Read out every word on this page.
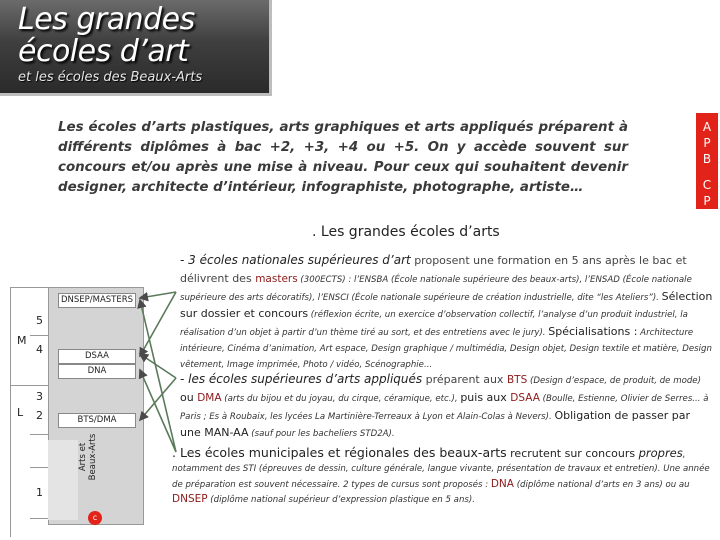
Les grandes
écoles d’art
et les écoles des Beaux-Arts
Les écoles d’arts plastiques, arts graphiques et arts appliqués préparent à différents diplômes à bac +2, +3, +4 ou +5. On y accède souvent sur concours et/ou après une mise à niveau. Pour ceux qui souhaitent devenir designer, architecte d’intérieur, infographiste, photographe, artiste…
A
P
B
C
P
. Les grandes écoles d’arts
M
L
5
4
3
2
1
DNSEP/MASTERS
DSAA
DNA
BTS/DMA
Arts et
Beaux-Arts
c
- 3 écoles nationales supérieures d’art proposent une formation en 5 ans après le bac et délivrent des masters (300ECTS) : l’ENSBA (École nationale supérieure des beaux-arts), l’ENSAD (École nationale supérieure des arts décoratifs), l’ENSCI (École nationale supérieure de création industrielle, dite “les Ateliers”). Sélection sur dossier et concours (réflexion écrite, un exercice d’observation collectif, l’analyse d’un produit industriel, la réalisation d’un objet à partir d’un thème tiré au sort, et des entretiens avec le jury). Spécialisations : Architecture intérieure, Cinéma d’animation, Art espace, Design graphique / multimédia, Design objet, Design textile et matière, Design vêtement, Image imprimée, Photo / vidéo, Scénographie...
- les écoles supérieures d’arts appliqués préparent aux BTS (Design d’espace, de produit, de mode) ou DMA (arts du bijou et du joyau, du cirque, céramique, etc.), puis aux DSAA (Boulle, Estienne, Olivier de Serres... à Paris ; Es à Roubaix, les lycées La Martinière-Terreaux à Lyon et Alain-Colas à Nevers). Obligation de passer par une MAN-AA (sauf pour les bacheliers STD2A).
. Les écoles municipales et régionales des beaux-arts recrutent sur concours propres, notamment des STI (épreuves de dessin, culture générale, langue vivante, présentation de travaux et entretien). Une année de préparation est souvent nécessaire. 2 types de cursus sont proposés : DNA (diplôme national d’arts en 3 ans) ou au DNSEP (diplôme national supérieur d’expression plastique en 5 ans).
